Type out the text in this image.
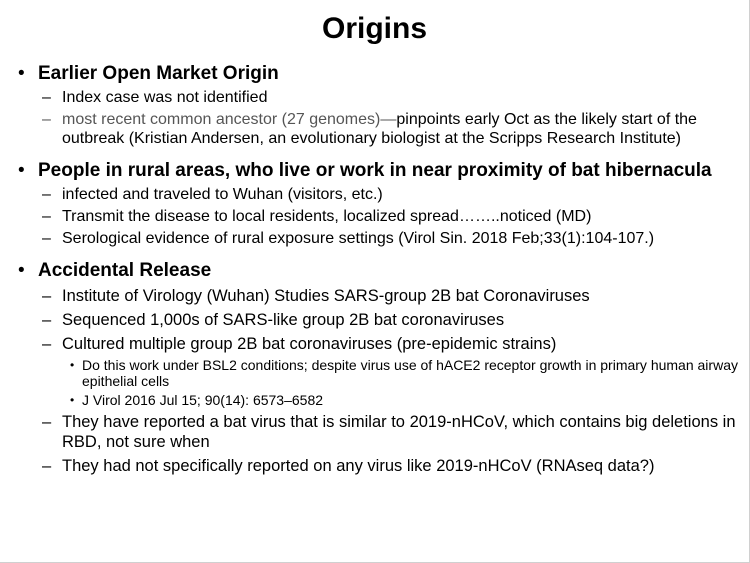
Origins
• Earlier Open Market Origin
– Index case was not identified
– most recent common ancestor (27 genomes)—pinpoints early Oct as the likely start of the outbreak (Kristian Andersen, an evolutionary biologist at the Scripps Research Institute)
• People in rural areas, who live or work in near proximity of bat hibernacula
– infected and traveled to Wuhan (visitors, etc.)
– Transmit the disease to local residents, localized spread……..noticed (MD)
– Serological evidence of rural exposure settings (Virol Sin. 2018 Feb;33(1):104-107.)
• Accidental Release
– Institute of Virology (Wuhan) Studies SARS-group 2B bat Coronaviruses
– Sequenced 1,000s of SARS-like group 2B bat coronaviruses
– Cultured multiple group 2B bat coronaviruses (pre-epidemic strains)
• Do this work under BSL2 conditions; despite virus use of hACE2 receptor growth in primary human airway epithelial cells
• J Virol 2016 Jul 15; 90(14): 6573–6582
– They have reported a bat virus that is similar to 2019-nHCoV, which contains big deletions in RBD, not sure when
– They had not specifically reported on any virus like 2019-nHCoV (RNAseq data?)
